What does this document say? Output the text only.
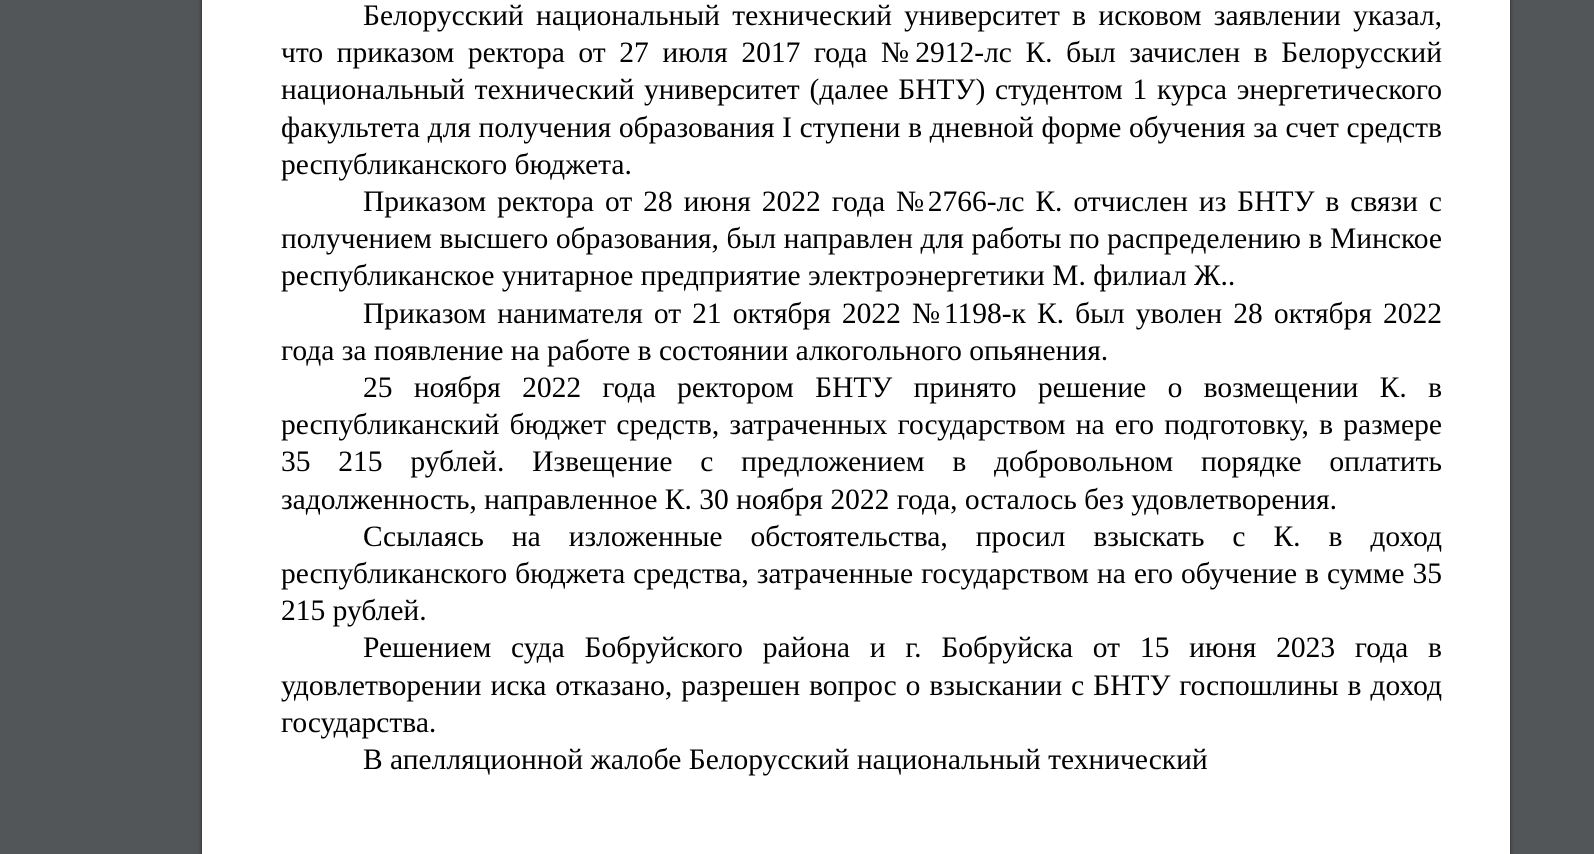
Белорусский национальный технический университет в исковом заявлении указал, что приказом ректора от 27 июля 2017 года №2912-лс К. был зачислен в Белорусский национальный технический университет (далее БНТУ) студентом 1 курса энергетического факультета для получения образования I ступени в дневной форме обучения за счет средств республиканского бюджета.

Приказом ректора от 28 июня 2022 года №2766-лс К. отчислен из БНТУ в связи с получением высшего образования, был направлен для работы по распределению в Минское республиканское унитарное предприятие электроэнергетики М. филиал Ж..

Приказом нанимателя от 21 октября 2022 №1198-к К. был уволен 28 октября 2022 года за появление на работе в состоянии алкогольного опьянения.

25 ноября 2022 года ректором БНТУ принято решение о возмещении К. в республиканский бюджет средств, затраченных государством на его подготовку, в размере 35 215 рублей. Извещение с предложением в добровольном порядке оплатить задолженность, направленное К. 30 ноября 2022 года, осталось без удовлетворения.

Ссылаясь на изложенные обстоятельства, просил взыскать с К. в доход республиканского бюджета средства, затраченные государством на его обучение в сумме 35 215 рублей.

Решением суда Бобруйского района и г. Бобруйска от 15 июня 2023 года в удовлетворении иска отказано, разрешен вопрос о взыскании с БНТУ госпошлины в доход государства.

В апелляционной жалобе Белорусский национальный технический
